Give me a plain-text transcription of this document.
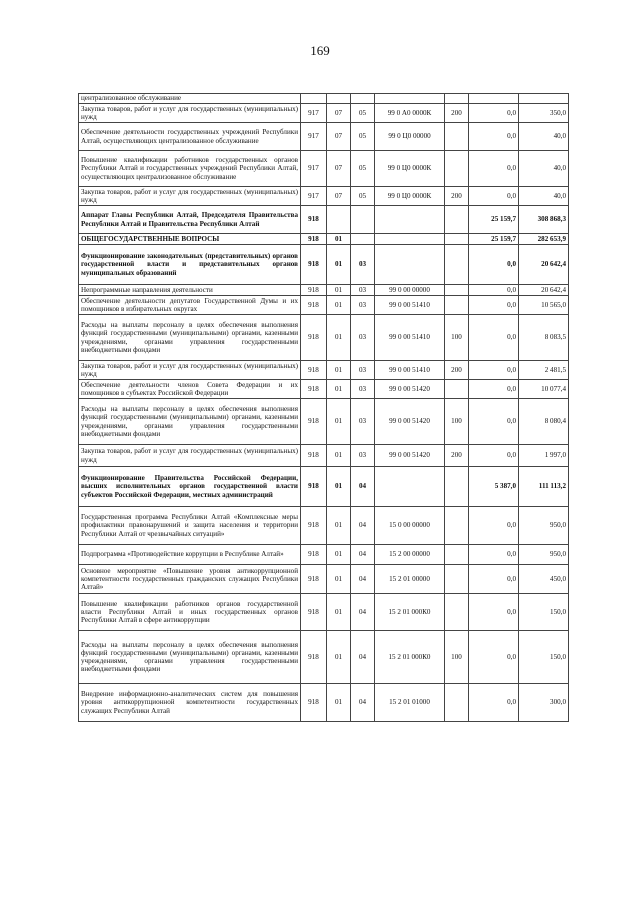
169
централизованное обслуживание							
Закупка товаров, работ и услуг для государственных (муниципальных) нужд	917	07	05	99 0 А0 0000К	200	0,0	350,0
Обеспечение деятельности государственных учреждений Республики Алтай, осуществляющих централизованное обслуживание	917	07	05	99 0 Ц0 00000		0,0	40,0
Повышение квалификации работников государственных органов Республики Алтай и государственных учреждений Республики Алтай, осуществляющих централизованное обслуживание	917	07	05	99 0 Ц0 0000К		0,0	40,0
Закупка товаров, работ и услуг для государственных (муниципальных) нужд	917	07	05	99 0 Ц0 0000К	200	0,0	40,0
Аппарат Главы Республики Алтай, Председателя Правительства Республики Алтай и Правительства Республики Алтай	918					25 159,7	308 868,3
ОБЩЕГОСУДАРСТВЕННЫЕ ВОПРОСЫ	918	01				25 159,7	282 653,9
Функционирование законодательных (представительных) органов государственной власти и представительных органов муниципальных образований	918	01	03			0,0	20 642,4
Непрограммные направления деятельности	918	01	03	99 0 00 00000		0,0	20 642,4
Обеспечение деятельности депутатов Государственной Думы и их помощников в избирательных округах	918	01	03	99 0 00 51410		0,0	10 565,0
Расходы на выплаты персоналу в целях обеспечения выполнения функций государственными (муниципальными) органами, казенными учреждениями, органами управления государственными внебюджетными фондами	918	01	03	99 0 00 51410	100	0,0	8 083,5
Закупка товаров, работ и услуг для государственных (муниципальных) нужд	918	01	03	99 0 00 51410	200	0,0	2 481,5
Обеспечение деятельности членов Совета Федерации и их помощников в субъектах Российской Федерации	918	01	03	99 0 00 51420		0,0	10 077,4
Расходы на выплаты персоналу в целях обеспечения выполнения функций государственными (муниципальными) органами, казенными учреждениями, органами управления государственными внебюджетными фондами	918	01	03	99 0 00 51420	100	0,0	8 080,4
Закупка товаров, работ и услуг для государственных (муниципальных) нужд	918	01	03	99 0 00 51420	200	0,0	1 997,0
Функционирование Правительства Российской Федерации, высших исполнительных органов государственной власти субъектов Российской Федерации, местных администраций	918	01	04			5 387,0	111 113,2
Государственная программа Республики Алтай «Комплексные меры профилактики правонарушений и защита населения и территории Республики Алтай от чрезвычайных ситуаций»	918	01	04	15 0 00 00000		0,0	950,0
Подпрограмма «Противодействие коррупции в Республике Алтай»	918	01	04	15 2 00 00000		0,0	950,0
Основное мероприятие «Повышение уровня антикоррупционной компетентности государственных гражданских служащих Республики Алтай»	918	01	04	15 2 01 00000		0,0	450,0
Повышение квалификации работников органов государственной власти Республики Алтай и иных государственных органов Республики Алтай в сфере антикоррупции	918	01	04	15 2 01 000К0		0,0	150,0
Расходы на выплаты персоналу в целях обеспечения выполнения функций государственными (муниципальными) органами, казенными учреждениями, органами управления государственными внебюджетными фондами	918	01	04	15 2 01 000К0	100	0,0	150,0
Внедрение информационно-аналитических систем для повышения уровня антикоррупционной компетентности государственных служащих Республики Алтай	918	01	04	15 2 01 01000		0,0	300,0
